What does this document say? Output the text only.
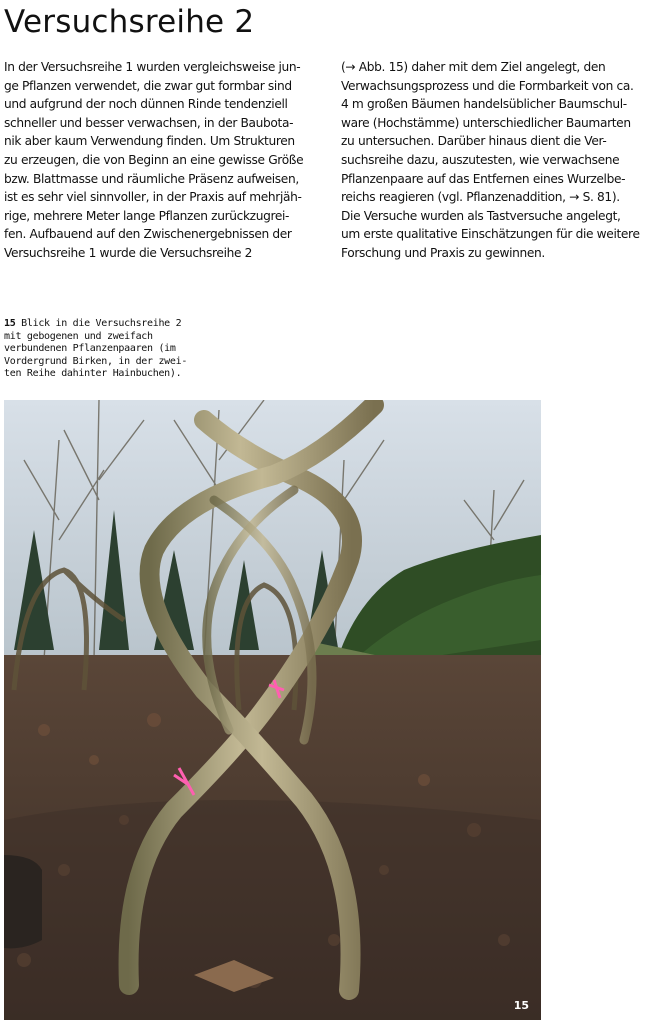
Versuchsreihe 2
In der Versuchsreihe 1 wurden vergleichsweise jun-
ge Pflanzen verwendet, die zwar gut formbar sind
und aufgrund der noch dünnen Rinde tendenziell
schneller und besser verwachsen, in der Baubota-
nik aber kaum Verwendung finden. Um Strukturen
zu erzeugen, die von Beginn an eine gewisse Größe
bzw. Blattmasse und räumliche Präsenz aufweisen,
ist es sehr viel sinnvoller, in der Praxis auf mehrjäh-
rige, mehrere Meter lange Pflanzen zurückzugrei-
fen. Aufbauend auf den Zwischenergebnissen der
Versuchsreihe 1 wurde die Versuchsreihe 2
(→ Abb. 15) daher mit dem Ziel angelegt, den
Verwachsungsprozess und die Formbarkeit von ca.
4 m großen Bäumen handelsüblicher Baumschul-
ware (Hochstämme) unterschiedlicher Baumarten
zu untersuchen. Darüber hinaus dient die Ver-
suchsreihe dazu, auszutesten, wie verwachsene
Pflanzenpaare auf das Entfernen eines Wurzelbe-
reichs reagieren (vgl. Pflanzenaddition, → S. 81).
Die Versuche wurden als Tastversuche angelegt,
um erste qualitative Einschätzungen für die weitere
Forschung und Praxis zu gewinnen.
15 Blick in die Versuchsreihe 2
mit gebogenen und zweifach
verbundenen Pflanzenpaaren (im
Vordergrund Birken, in der zwei-
ten Reihe dahinter Hainbuchen).
15
